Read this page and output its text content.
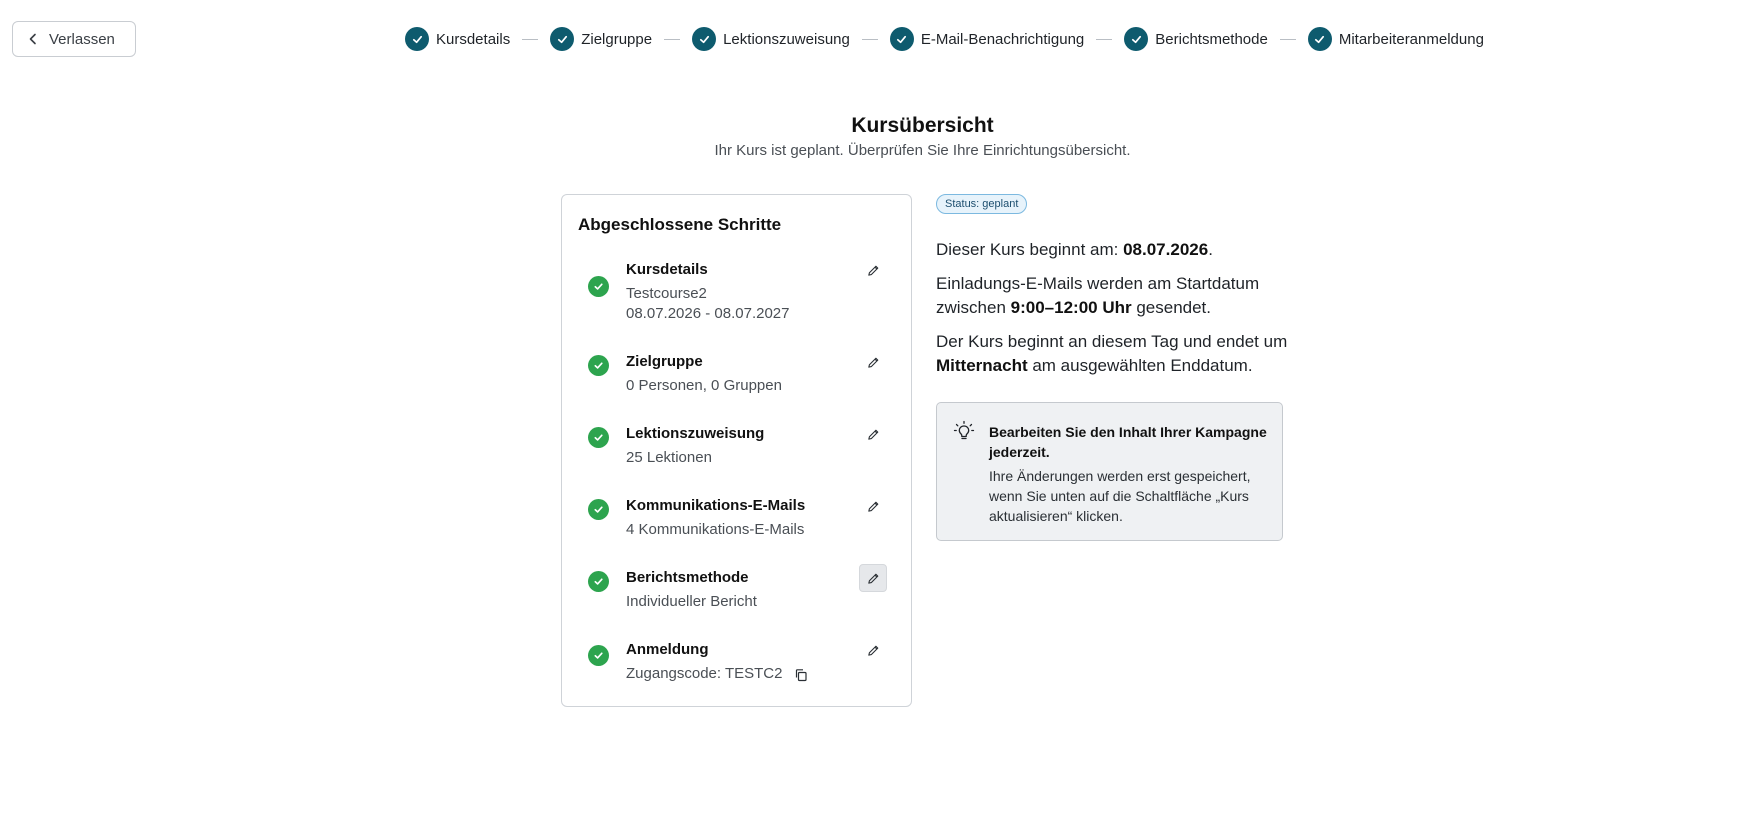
Verlassen	Kursdetails	Zielgruppe	Lektionszuweisung	E-Mail-Benachrichtigung	Berichtsmethode	Mitarbeiteranmeldung
Kursübersicht
Ihr Kurs ist geplant. Überprüfen Sie Ihre Einrichtungsübersicht.
Abgeschlossene Schritte
Kursdetails
Testcourse2
08.07.2026 - 08.07.2027
Zielgruppe
0 Personen, 0 Gruppen
Lektionszuweisung
25 Lektionen
Kommunikations-E-Mails
4 Kommunikations-E-Mails
Berichtsmethode
Individueller Bericht
Anmeldung
Zugangscode: TESTC2
Status: geplant
Dieser Kurs beginnt am: 08.07.2026.
Einladungs-E-Mails werden am Startdatum zwischen 9:00–12:00 Uhr gesendet.
Der Kurs beginnt an diesem Tag und endet um Mitternacht am ausgewählten Enddatum.
Bearbeiten Sie den Inhalt Ihrer Kampagne jederzeit.
Ihre Änderungen werden erst gespeichert, wenn Sie unten auf die Schaltfläche „Kurs aktualisieren“ klicken.
